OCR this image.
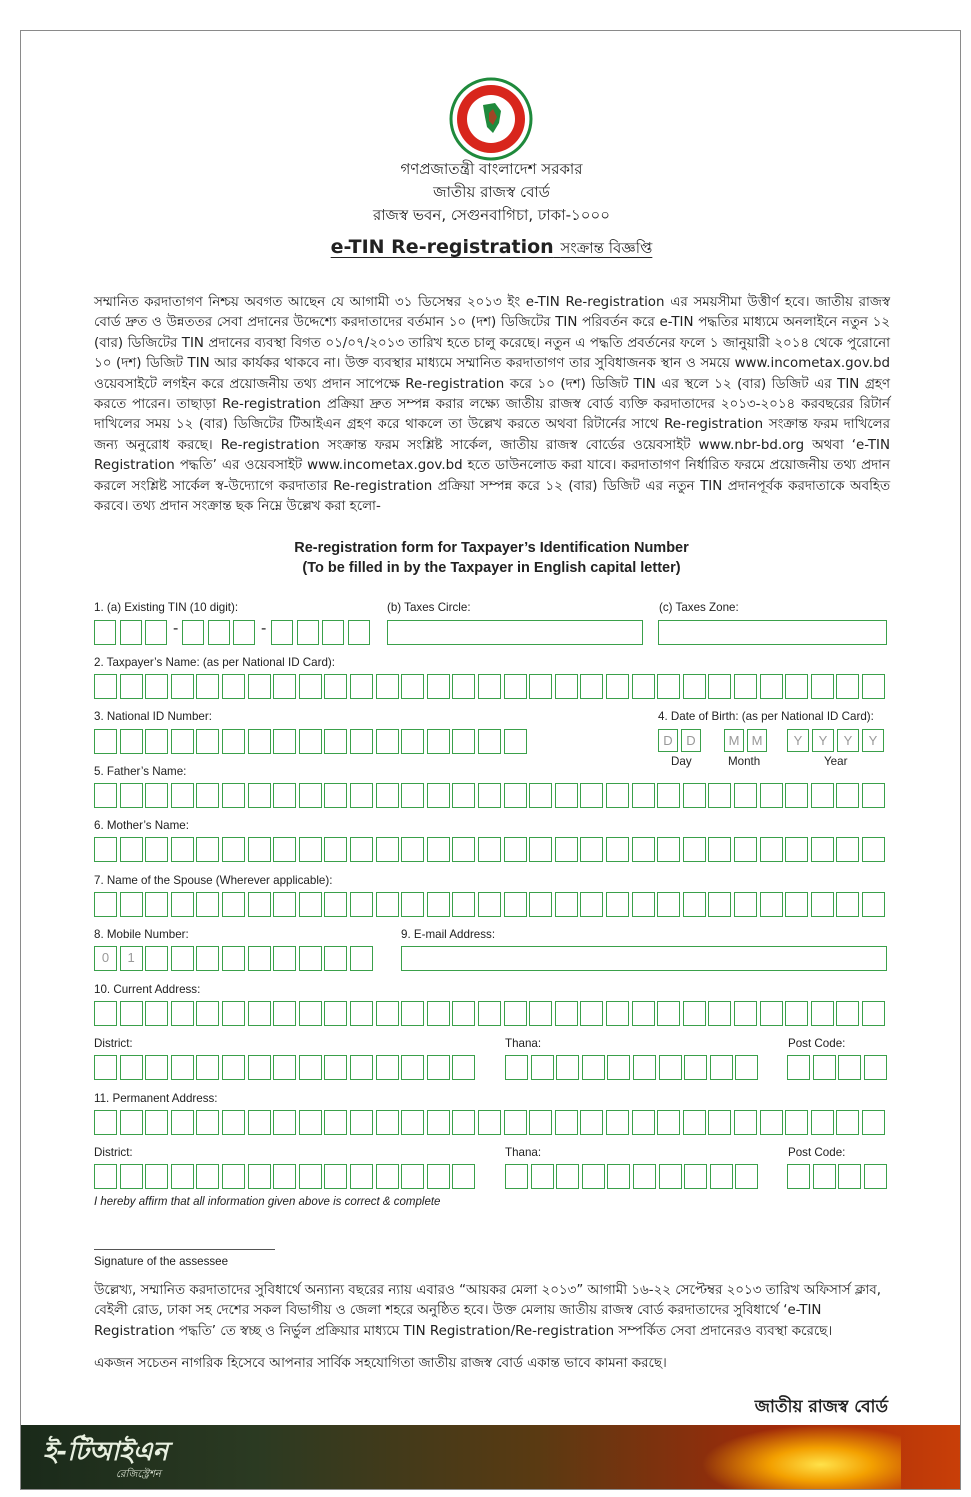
গণপ্রজাতন্ত্রী বাংলাদেশ সরকার
জাতীয় রাজস্ব বোর্ড
রাজস্ব ভবন, সেগুনবাগিচা, ঢাকা-১০০০
e-TIN Re-registration সংক্রান্ত বিজ্ঞপ্তি
সম্মানিত করদাতাগণ নিশ্চয় অবগত আছেন যে আগামী ৩১ ডিসেম্বর ২০১৩ ইং e-TIN Re-registration এর সময়সীমা উত্তীর্ণ হবে। জাতীয় রাজস্ব বোর্ড দ্রুত ও উন্নততর সেবা প্রদানের উদ্দেশ্যে করদাতাদের বর্তমান ১০ (দশ) ডিজিটের TIN পরিবর্তন করে e-TIN পদ্ধতির মাধ্যমে অনলাইনে নতুন ১২ (বার) ডিজিটের TIN প্রদানের ব্যবস্থা বিগত ০১/০৭/২০১৩ তারিখ হতে চালু করেছে। নতুন এ পদ্ধতি প্রবর্তনের ফলে ১ জানুয়ারী ২০১৪ থেকে পুরোনো ১০ (দশ) ডিজিট TIN আর কার্যকর থাকবে না। উক্ত ব্যবস্থার মাধ্যমে সম্মানিত করদাতাগণ তার সুবিধাজনক স্থান ও সময়ে www.incometax.gov.bd ওয়েবসাইটে লগইন করে প্রয়োজনীয় তথ্য প্রদান সাপেক্ষে Re-registration করে ১০ (দশ) ডিজিট TIN এর স্থলে ১২ (বার) ডিজিট এর TIN গ্রহণ করতে পারেন। তাছাড়া Re-registration প্রক্রিয়া দ্রুত সম্পন্ন করার লক্ষ্যে জাতীয় রাজস্ব বোর্ড ব্যক্তি করদাতাদের ২০১৩-২০১৪ করবছরের রিটার্ন দাখিলের সময় ১২ (বার) ডিজিটের টিআইএন গ্রহণ করে থাকলে তা উল্লেখ করতে অথবা রিটার্নের সাথে Re-registration সংক্রান্ত ফরম দাখিলের জন্য অনুরোধ করছে। Re-registration সংক্রান্ত ফরম সংশ্লিষ্ট সার্কেল, জাতীয় রাজস্ব বোর্ডের ওয়েবসাইট www.nbr-bd.org অথবা ‘e-TIN Registration পদ্ধতি’ এর ওয়েবসাইট www.incometax.gov.bd হতে ডাউনলোড করা যাবে। করদাতাগণ নির্ধারিত ফরমে প্রয়োজনীয় তথ্য প্রদান করলে সংশ্লিষ্ট সার্কেল স্ব-উদ্যোগে করদাতার Re-registration প্রক্রিয়া সম্পন্ন করে ১২ (বার) ডিজিট এর নতুন TIN প্রদানপূর্বক করদাতাকে অবহিত করবে। তথ্য প্রদান সংক্রান্ত ছক নিম্নে উল্লেখ করা হলো-
Re-registration form for Taxpayer’s Identification Number
(To be filled in by the Taxpayer in English capital letter)
1. (a) Existing TIN (10 digit):	(b) Taxes Circle:	(c) Taxes Zone:
-	-
2. Taxpayer’s Name: (as per National ID Card):
3. National ID Number:	4. Date of Birth: (as per National ID Card):
Day	Month	Year
5. Father’s Name:
6. Mother’s Name:
7. Name of the Spouse (Wherever applicable):
8. Mobile Number:	9. E-mail Address:
10. Current Address:
District:	Thana:	Post Code:
11. Permanent Address:
District:	Thana:	Post Code:
I hereby affirm that all information given above is correct & complete
Signature of the assessee
উল্লেখ্য, সম্মানিত করদাতাদের সুবিধার্থে অন্যান্য বছরের ন্যায় এবারও “আয়কর মেলা ২০১৩” আগামী ১৬-২২ সেপ্টেম্বর ২০১৩ তারিখ অফিসার্স ক্লাব, বেইলী রোড, ঢাকা সহ দেশের সকল বিভাগীয় ও জেলা শহরে অনুষ্ঠিত হবে। উক্ত মেলায় জাতীয় রাজস্ব বোর্ড করদাতাদের সুবিধার্থে ‘e-TIN Registration পদ্ধতি’ তে স্বচ্ছ ও নির্ভুল প্রক্রিয়ার মাধ্যমে TIN Registration/Re-registration সম্পর্কিত সেবা প্রদানেরও ব্যবস্থা করেছে।
একজন সচেতন নাগরিক হিসেবে আপনার সার্বিক সহযোগিতা জাতীয় রাজস্ব বোর্ড একান্ত ভাবে কামনা করছে।
জাতীয় রাজস্ব বোর্ড
ই-টিআইএন
রেজিস্ট্রেশন
D	D	M M	Y	Y	Y	Y
0	1
